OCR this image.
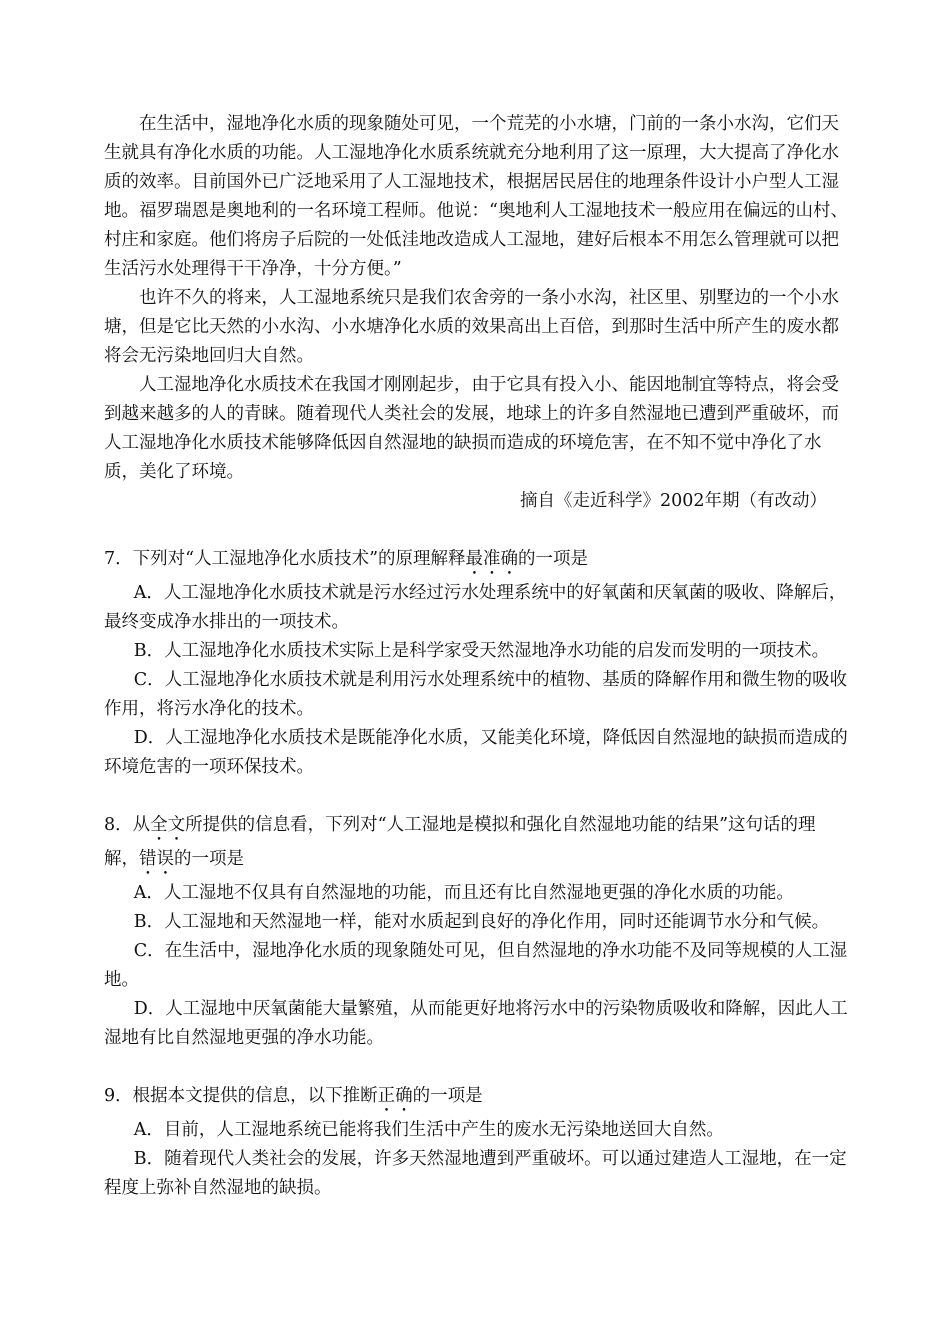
在生活中，湿地净化水质的现象随处可见，一个荒芜的小水塘，门前的一条小水沟，它们天生就具有净化水质的功能。人工湿地净化水质系统就充分地利用了这一原理，大大提高了净化水质的效率。目前国外已广泛地采用了人工湿地技术，根据居民居住的地理条件设计小户型人工湿地。福罗瑞恩是奥地利的一名环境工程师。他说：“奥地利人工湿地技术一般应用在偏远的山村、村庄和家庭。他们将房子后院的一处低洼地改造成人工湿地，建好后根本不用怎么管理就可以把生活污水处理得干干净净，十分方便。”

也许不久的将来，人工湿地系统只是我们农舍旁的一条小水沟，社区里、别墅边的一个小水塘，但是它比天然的小水沟、小水塘净化水质的效果高出上百倍，到那时生活中所产生的废水都将会无污染地回归大自然。

人工湿地净化水质技术在我国才刚刚起步，由于它具有投入小、能因地制宜等特点，将会受到越来越多的人的青睐。随着现代人类社会的发展，地球上的许多自然湿地已遭到严重破坏，而人工湿地净化水质技术能够降低因自然湿地的缺损而造成的环境危害，在不知不觉中净化了水质，美化了环境。

摘自《走近科学》2002年期（有改动）

7．下列对“人工湿地净化水质技术”的原理解释最准确的一项是

A．人工湿地净化水质技术就是污水经过污水处理系统中的好氧菌和厌氧菌的吸收、降解后，最终变成净水排出的一项技术。

B．人工湿地净化水质技术实际上是科学家受天然湿地净水功能的启发而发明的一项技术。

C．人工湿地净化水质技术就是利用污水处理系统中的植物、基质的降解作用和微生物的吸收作用，将污水净化的技术。

D．人工湿地净化水质技术是既能净化水质，又能美化环境，降低因自然湿地的缺损而造成的环境危害的一项环保技术。

8．从全文所提供的信息看，下列对“人工湿地是模拟和强化自然湿地功能的结果”这句话的理解，错误的一项是

A．人工湿地不仅具有自然湿地的功能，而且还有比自然湿地更强的净化水质的功能。

B．人工湿地和天然湿地一样，能对水质起到良好的净化作用，同时还能调节水分和气候。

C．在生活中，湿地净化水质的现象随处可见，但自然湿地的净水功能不及同等规模的人工湿地。

D．人工湿地中厌氧菌能大量繁殖，从而能更好地将污水中的污染物质吸收和降解，因此人工湿地有比自然湿地更强的净水功能。

9．根据本文提供的信息，以下推断正确的一项是

A．目前，人工湿地系统已能将我们生活中产生的废水无污染地送回大自然。

B．随着现代人类社会的发展，许多天然湿地遭到严重破坏。可以通过建造人工湿地，在一定程度上弥补自然湿地的缺损。
